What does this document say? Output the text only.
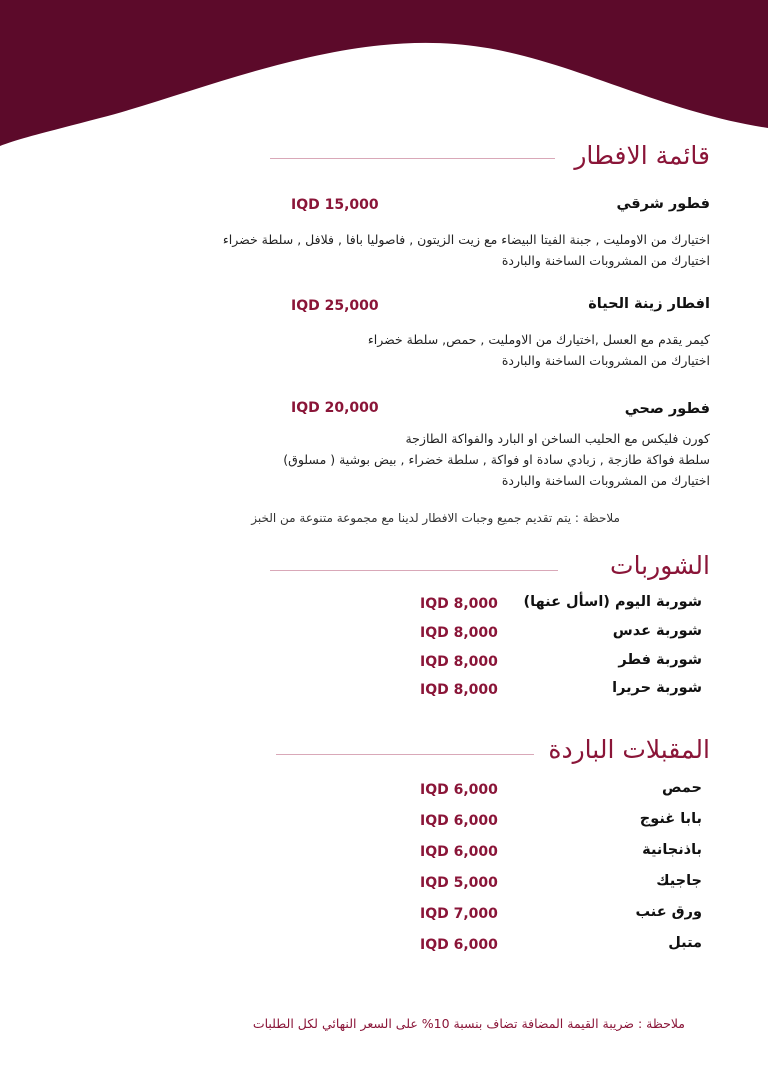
قائمة الافطار
فطور شرقي
IQD 15,000
اختيارك من الاومليت , جبنة الفيتا البيضاء مع زيت الزيتون , فاصوليا بافا , فلافل , سلطة خضراء
اختيارك من المشروبات الساخنة والباردة
افطار زينة الحياة
IQD 25,000
كيمر يقدم مع العسل ,اختيارك من الاومليت , حمص, سلطة خضراء
اختيارك من المشروبات الساخنة والباردة
فطور صحي
IQD 20,000
كورن فليكس مع الحليب الساخن او البارد والفواكة الطازجة
سلطة فواكة طازجة , زبادي سادة او فواكة , سلطة خضراء , بيض بوشية ( مسلوق)
اختيارك من المشروبات الساخنة والباردة
ملاحظة : يتم تقديم جميع وجبات الافطار لدينا مع مجموعة متنوعة من الخبز
الشوربات
شوربة اليوم (اسأل عنها)
IQD 8,000
شوربة عدس
IQD 8,000
شوربة فطر
IQD 8,000
شوربة حريرا
IQD 8,000
المقبلات الباردة
حمص
IQD 6,000
بابا غنوج
IQD 6,000
باذنجانية
IQD 6,000
جاجيك
IQD 5,000
ورق عنب
IQD 7,000
متبل
IQD 6,000
ملاحظة : ضريبة القيمة المضافة تضاف بنسبة 10% على السعر النهائي لكل الطلبات
